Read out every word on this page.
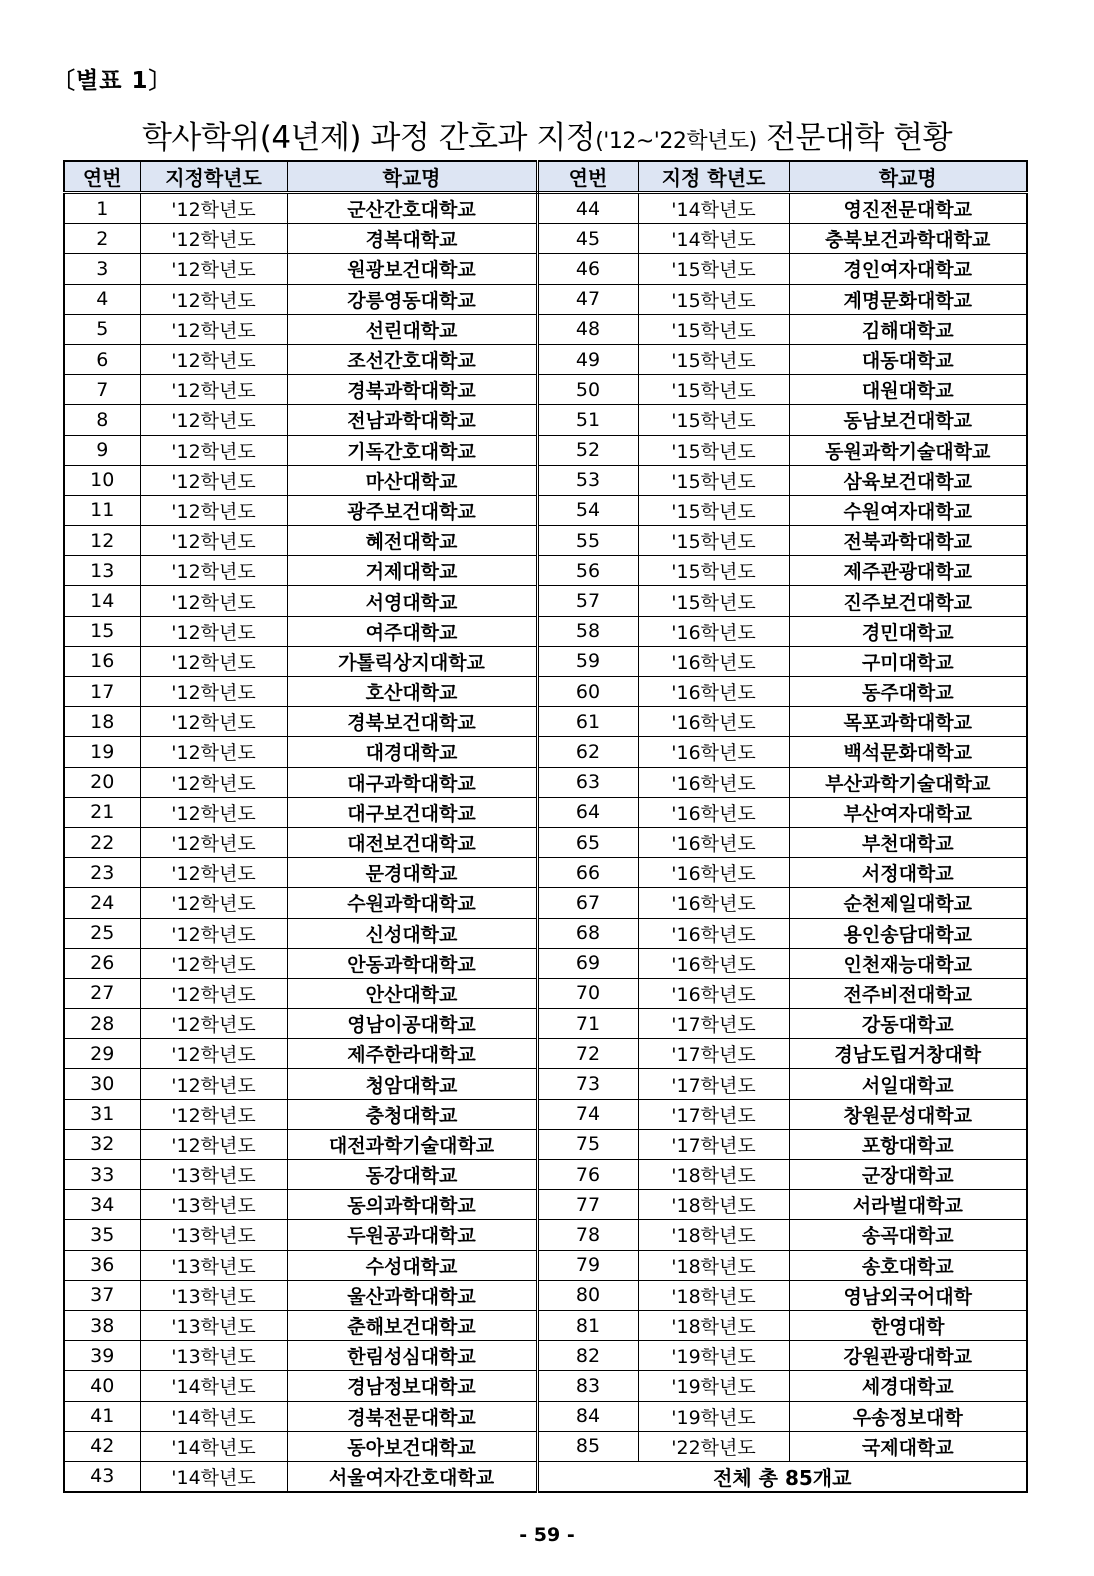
〔별표 1〕
학사학위(4년제) 과정 간호과 지정('12~'22학년도) 전문대학 현황
연번	지정학년도	학교명	연번	지정 학년도	학교명
1	'12학년도	군산간호대학교	44	'14학년도	영진전문대학교
2	'12학년도	경복대학교	45	'14학년도	충북보건과학대학교
3	'12학년도	원광보건대학교	46	'15학년도	경인여자대학교
4	'12학년도	강릉영동대학교	47	'15학년도	계명문화대학교
5	'12학년도	선린대학교	48	'15학년도	김해대학교
6	'12학년도	조선간호대학교	49	'15학년도	대동대학교
7	'12학년도	경북과학대학교	50	'15학년도	대원대학교
8	'12학년도	전남과학대학교	51	'15학년도	동남보건대학교
9	'12학년도	기독간호대학교	52	'15학년도	동원과학기술대학교
10	'12학년도	마산대학교	53	'15학년도	삼육보건대학교
11	'12학년도	광주보건대학교	54	'15학년도	수원여자대학교
12	'12학년도	혜전대학교	55	'15학년도	전북과학대학교
13	'12학년도	거제대학교	56	'15학년도	제주관광대학교
14	'12학년도	서영대학교	57	'15학년도	진주보건대학교
15	'12학년도	여주대학교	58	'16학년도	경민대학교
16	'12학년도	가톨릭상지대학교	59	'16학년도	구미대학교
17	'12학년도	호산대학교	60	'16학년도	동주대학교
18	'12학년도	경북보건대학교	61	'16학년도	목포과학대학교
19	'12학년도	대경대학교	62	'16학년도	백석문화대학교
20	'12학년도	대구과학대학교	63	'16학년도	부산과학기술대학교
21	'12학년도	대구보건대학교	64	'16학년도	부산여자대학교
22	'12학년도	대전보건대학교	65	'16학년도	부천대학교
23	'12학년도	문경대학교	66	'16학년도	서정대학교
24	'12학년도	수원과학대학교	67	'16학년도	순천제일대학교
25	'12학년도	신성대학교	68	'16학년도	용인송담대학교
26	'12학년도	안동과학대학교	69	'16학년도	인천재능대학교
27	'12학년도	안산대학교	70	'16학년도	전주비전대학교
28	'12학년도	영남이공대학교	71	'17학년도	강동대학교
29	'12학년도	제주한라대학교	72	'17학년도	경남도립거창대학
30	'12학년도	청암대학교	73	'17학년도	서일대학교
31	'12학년도	충청대학교	74	'17학년도	창원문성대학교
32	'12학년도	대전과학기술대학교	75	'17학년도	포항대학교
33	'13학년도	동강대학교	76	'18학년도	군장대학교
34	'13학년도	동의과학대학교	77	'18학년도	서라벌대학교
35	'13학년도	두원공과대학교	78	'18학년도	송곡대학교
36	'13학년도	수성대학교	79	'18학년도	송호대학교
37	'13학년도	울산과학대학교	80	'18학년도	영남외국어대학
38	'13학년도	춘해보건대학교	81	'18학년도	한영대학
39	'13학년도	한림성심대학교	82	'19학년도	강원관광대학교
40	'14학년도	경남정보대학교	83	'19학년도	세경대학교
41	'14학년도	경북전문대학교	84	'19학년도	우송정보대학
42	'14학년도	동아보건대학교	85	'22학년도	국제대학교
43	'14학년도	서울여자간호대학교	전체 총 85개교		
- 59 -
